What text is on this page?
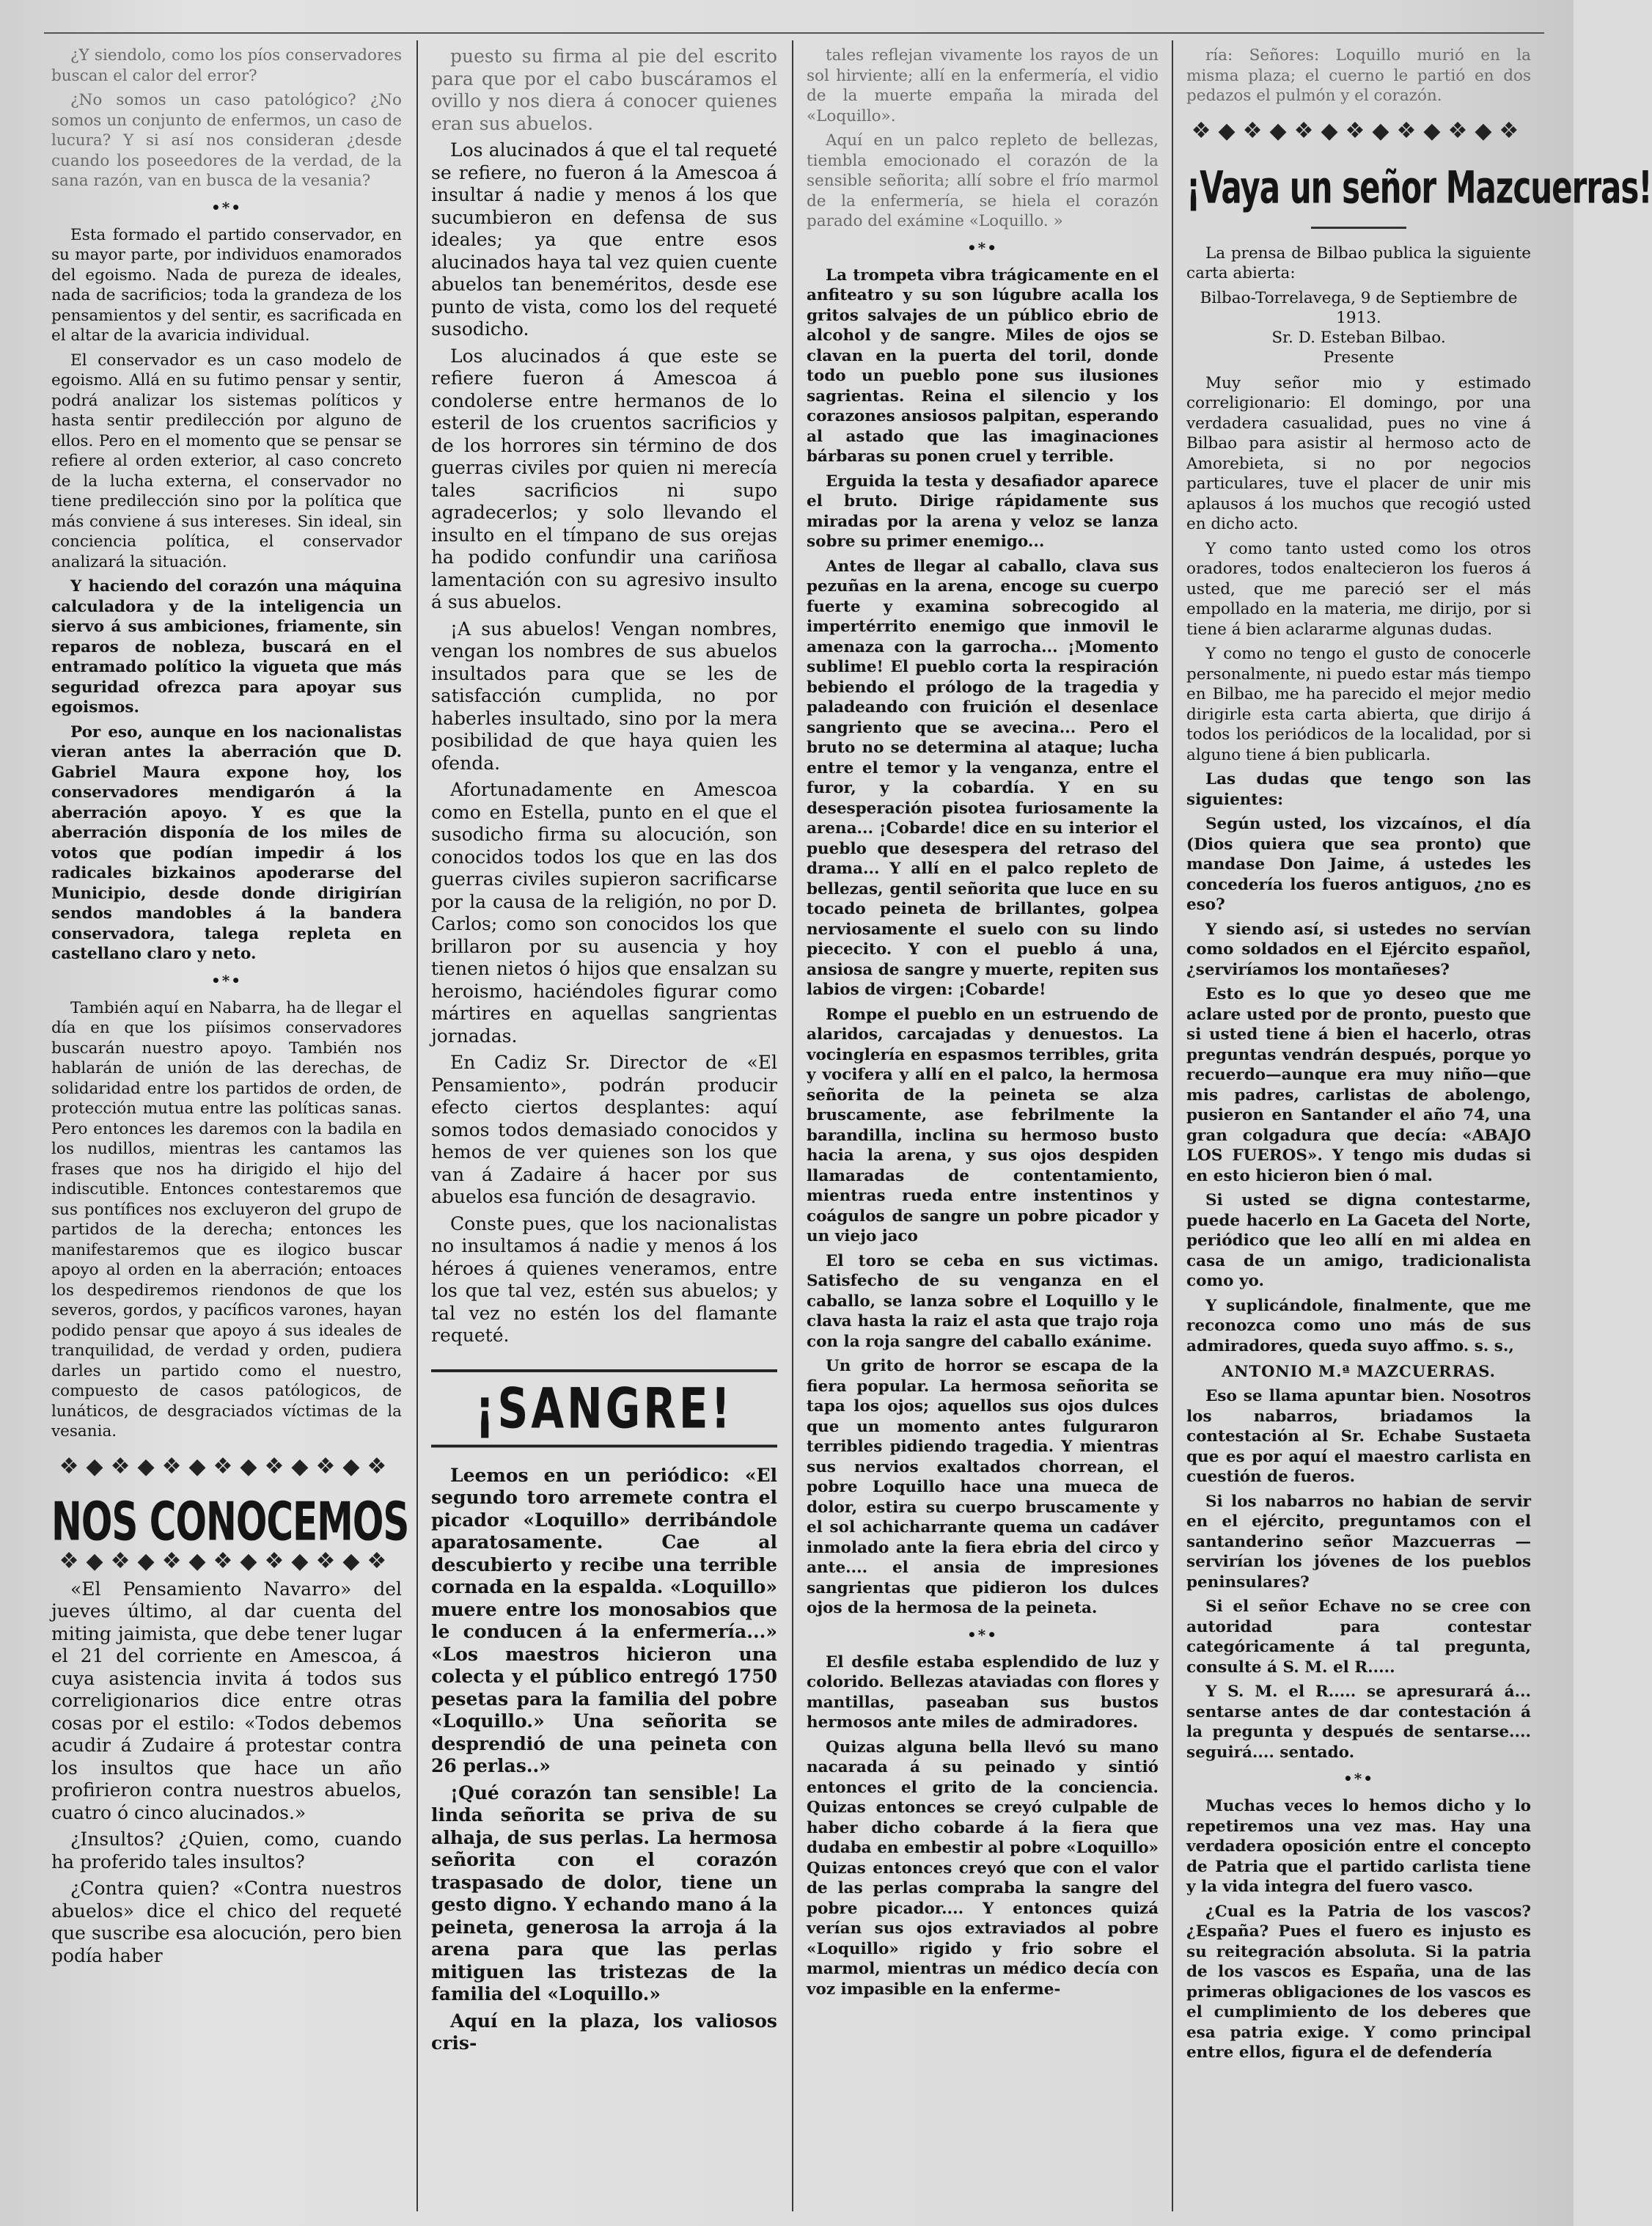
¿Y siendolo, como los píos conservadores buscan el calor del error?

¿No somos un caso patológico? ¿No somos un conjunto de enfermos, un caso de lucura? Y si así nos consideran ¿desde cuando los poseedores de la verdad, de la sana razón, van en busca de la vesania?

•*•

Esta formado el partido conservador, en su mayor parte, por individuos enamorados del egoismo. Nada de pureza de ideales, nada de sacrificios; toda la grandeza de los pensamientos y del sentir, es sacrificada en el altar de la avaricia individual.

El conservador es un caso modelo de egoismo. Allá en su futimo pensar y sentir, podrá analizar los sistemas políticos y hasta sentir predilección por alguno de ellos. Pero en el momento que se pensar se refiere al orden exterior, al caso concreto de la lucha externa, el conservador no tiene predilección sino por la política que más conviene á sus intereses. Sin ideal, sin conciencia política, el conservador analizará la situación.

Y haciendo del corazón una máquina calculadora y de la inteligencia un siervo á sus ambiciones, friamente, sin reparos de nobleza, buscará en el entramado político la vigueta que más seguridad ofrezca para apoyar sus egoismos.

Por eso, aunque en los nacionalistas vieran antes la aberración que D. Gabriel Maura expone hoy, los conservadores mendigarón á la aberración apoyo. Y es que la aberración disponía de los miles de votos que podían impedir á los radicales bizkainos apoderarse del Municipio, desde donde dirigirían sendos mandobles á la bandera conservadora, talega repleta en castellano claro y neto.

•*•

También aquí en Nabarra, ha de llegar el día en que los piísimos conservadores buscarán nuestro apoyo. También nos hablarán de unión de las derechas, de solidaridad entre los partidos de orden, de protección mutua entre las políticas sanas. Pero entonces les daremos con la badila en los nudillos, mientras les cantamos las frases que nos ha dirigido el hijo del indiscutible. Entonces contestaremos que sus pontífices nos excluyeron del grupo de partidos de la derecha; entonces les manifestaremos que es ilogico buscar apoyo al orden en la aberración; entoaces los despediremos riendonos de que los severos, gordos, y pacíficos varones, hayan podido pensar que apoyo á sus ideales de tranquilidad, de verdad y orden, pudiera darles un partido como el nuestro, compuesto de casos patólogicos, de lunáticos, de desgraciados víctimas de la vesania.

❖◆❖◆❖◆❖◆❖◆❖◆❖
NOS CONOCEMOS
❖◆❖◆❖◆❖◆❖◆❖◆❖

«El Pensamiento Navarro» del jueves último, al dar cuenta del miting jaimista, que debe tener lugar el 21 del corriente en Amescoa, á cuya asistencia invita á todos sus correligionarios dice entre otras cosas por el estilo: «Todos debemos acudir á Zudaire á protestar contra los insultos que hace un año profirieron contra nuestros abuelos, cuatro ó cinco alucinados.»

¿Insultos? ¿Quien, como, cuando ha proferido tales insultos?

¿Contra quien? «Contra nuestros abuelos» dice el chico del requeté que suscribe esa alocución, pero bien podía haber

puesto su firma al pie del escrito para que por el cabo buscáramos el ovillo y nos diera á conocer quienes eran sus abuelos.

Los alucinados á que el tal requeté se refiere, no fueron á la Amescoa á insultar á nadie y menos á los que sucumbieron en defensa de sus ideales; ya que entre esos alucinados haya tal vez quien cuente abuelos tan beneméritos, desde ese punto de vista, como los del requeté susodicho.

Los alucinados á que este se refiere fueron á Amescoa á condolerse entre hermanos de lo esteril de los cruentos sacrificios y de los horrores sin término de dos guerras civiles por quien ni merecía tales sacrificios ni supo agradecerlos; y solo llevando el insulto en el tímpano de sus orejas ha podido confundir una cariñosa lamentación con su agresivo insulto á sus abuelos.

¡A sus abuelos! Vengan nombres, vengan los nombres de sus abuelos insultados para que se les de satisfacción cumplida, no por haberles insultado, sino por la mera posibilidad de que haya quien les ofenda.

Afortunadamente en Amescoa como en Estella, punto en el que el susodicho firma su alocución, son conocidos todos los que en las dos guerras civiles supieron sacrificarse por la causa de la religión, no por D. Carlos; como son conocidos los que brillaron por su ausencia y hoy tienen nietos ó hijos que ensalzan su heroismo, haciéndoles figurar como mártires en aquellas sangrientas jornadas.

En Cadiz Sr. Director de «El Pensamiento», podrán producir efecto ciertos desplantes: aquí somos todos demasiado conocidos y hemos de ver quienes son los que van á Zadaire á hacer por sus abuelos esa función de desagravio.

Conste pues, que los nacionalistas no insultamos á nadie y menos á los héroes á quienes veneramos, entre los que tal vez, estén sus abuelos; y tal vez no estén los del flamante requeté.

¡SANGRE!

Leemos en un periódico: «El segundo toro arremete contra el picador «Loquillo» derribándole aparatosamente. Cae al descubierto y recibe una terrible cornada en la espalda. «Loquillo» muere entre los monosabios que le conducen á la enfermería...» «Los maestros hicieron una colecta y el público entregó 1750 pesetas para la familia del pobre «Loquillo.» Una señorita se desprendió de una peineta con 26 perlas..»

¡Qué corazón tan sensible! La linda señorita se priva de su alhaja, de sus perlas. La hermosa señorita con el corazón traspasado de dolor, tiene un gesto digno. Y echando mano á la peineta, generosa la arroja á la arena para que las perlas mitiguen las tristezas de la familia del «Loquillo.»

Aquí en la plaza, los valiosos cris-

tales reflejan vivamente los rayos de un sol hirviente; allí en la enfermería, el vidio de la muerte empaña la mirada del «Loquillo».

Aquí en un palco repleto de bellezas, tiembla emocionado el corazón de la sensible señorita; allí sobre el frío marmol de la enfermería, se hiela el corazón parado del exámine «Loquillo. »

•*•

La trompeta vibra trágicamente en el anfiteatro y su son lúgubre acalla los gritos salvajes de un público ebrio de alcohol y de sangre. Miles de ojos se clavan en la puerta del toril, donde todo un pueblo pone sus ilusiones sagrientas. Reina el silencio y los corazones ansiosos palpitan, esperando al astado que las imaginaciones bárbaras su ponen cruel y terrible.

Erguida la testa y desafiador aparece el bruto. Dirige rápidamente sus miradas por la arena y veloz se lanza sobre su primer enemigo...

Antes de llegar al caballo, clava sus pezuñas en la arena, encoge su cuerpo fuerte y examina sobrecogido al impertérrito enemigo que inmovil le amenaza con la garrocha... ¡Momento sublime! El pueblo corta la respiración bebiendo el prólogo de la tragedia y paladeando con fruición el desenlace sangriento que se avecina... Pero el bruto no se determina al ataque; lucha entre el temor y la venganza, entre el furor, y la cobardía. Y en su desesperación pisotea furiosamente la arena... ¡Cobarde! dice en su interior el pueblo que desespera del retraso del drama... Y allí en el palco repleto de bellezas, gentil señorita que luce en su tocado peineta de brillantes, golpea nerviosamente el suelo con su lindo piececito. Y con el pueblo á una, ansiosa de sangre y muerte, repiten sus labios de virgen: ¡Cobarde!

Rompe el pueblo en un estruendo de alaridos, carcajadas y denuestos. La vocinglería en espasmos terribles, grita y vocifera y allí en el palco, la hermosa señorita de la peineta se alza bruscamente, ase febrilmente la barandilla, inclina su hermoso busto hacia la arena, y sus ojos despiden llamaradas de contentamiento, mientras rueda entre instentinos y coágulos de sangre un pobre picador y un viejo jaco

El toro se ceba en sus victimas. Satisfecho de su venganza en el caballo, se lanza sobre el Loquillo y le clava hasta la raiz el asta que trajo roja con la roja sangre del caballo exánime.

Un grito de horror se escapa de la fiera popular. La hermosa señorita se tapa los ojos; aquellos sus ojos dulces que un momento antes fulguraron terribles pidiendo tragedia. Y mientras sus nervios exaltados chorrean, el pobre Loquillo hace una mueca de dolor, estira su cuerpo bruscamente y el sol achicharrante quema un cadáver inmolado ante la fiera ebria del circo y ante.... el ansia de impresiones sangrientas que pidieron los dulces ojos de la hermosa de la peineta.

•*•

El desfile estaba esplendido de luz y colorido. Bellezas ataviadas con flores y mantillas, paseaban sus bustos hermosos ante miles de admiradores.

Quizas alguna bella llevó su mano nacarada á su peinado y sintió entonces el grito de la conciencia. Quizas entonces se creyó culpable de haber dicho cobarde á la fiera que dudaba en embestir al pobre «Loquillo» Quizas entonces creyó que con el valor de las perlas compraba la sangre del pobre picador.... Y entonces quizá verían sus ojos extraviados al pobre «Loquillo» rigido y frio sobre el marmol, mientras un médico decía con voz impasible en la enferme-

ría: Señores: Loquillo murió en la misma plaza; el cuerno le partió en dos pedazos el pulmón y el corazón.

❖◆❖◆❖◆❖◆❖◆❖◆❖
¡Vaya un señor Mazcuerras!

La prensa de Bilbao publica la siguiente carta abierta:

Bilbao-Torrelavega, 9 de Septiembre de 1913.
Sr. D. Esteban Bilbao.
Presente

Muy señor mio y estimado correligionario: El domingo, por una verdadera casualidad, pues no vine á Bilbao para asistir al hermoso acto de Amorebieta, si no por negocios particulares, tuve el placer de unir mis aplausos á los muchos que recogió usted en dicho acto.

Y como tanto usted como los otros oradores, todos enaltecieron los fueros á usted, que me pareció ser el más empollado en la materia, me dirijo, por si tiene á bien aclararme algunas dudas.

Y como no tengo el gusto de conocerle personalmente, ni puedo estar más tiempo en Bilbao, me ha parecido el mejor medio dirigirle esta carta abierta, que dirijo á todos los periódicos de la localidad, por si alguno tiene á bien publicarla.

Las dudas que tengo son las siguientes:

Según usted, los vizcaínos, el día (Dios quiera que sea pronto) que mandase Don Jaime, á ustedes les concedería los fueros antiguos, ¿no es eso?

Y siendo así, si ustedes no servían como soldados en el Ejército español, ¿serviríamos los montañeses?

Esto es lo que yo deseo que me aclare usted por de pronto, puesto que si usted tiene á bien el hacerlo, otras preguntas vendrán después, porque yo recuerdo—aunque era muy niño—que mis padres, carlistas de abolengo, pusieron en Santander el año 74, una gran colgadura que decía: «ABAJO LOS FUEROS». Y tengo mis dudas si en esto hicieron bien ó mal.

Si usted se digna contestarme, puede hacerlo en La Gaceta del Norte, periódico que leo allí en mi aldea en casa de un amigo, tradicionalista como yo.

Y suplicándole, finalmente, que me reconozca como uno más de sus admiradores, queda suyo affmo. s. s.,

ANTONIO M.ª MAZCUERRAS.

Eso se llama apuntar bien. Nosotros los nabarros, briadamos la contestación al Sr. Echabe Sustaeta que es por aquí el maestro carlista en cuestión de fueros.

Si los nabarros no habian de servir en el ejército, preguntamos con el santanderino señor Mazcuerras —servirían los jóvenes de los pueblos peninsulares?

Si el señor Echave no se cree con autoridad para contestar categóricamente á tal pregunta, consulte á S. M. el R.....

Y S. M. el R..... se apresurará á... sentarse antes de dar contestación á la pregunta y después de sentarse.... seguirá.... sentado.

•*•

Muchas veces lo hemos dicho y lo repetiremos una vez mas. Hay una verdadera oposición entre el concepto de Patria que el partido carlista tiene y la vida integra del fuero vasco.

¿Cual es la Patria de los vascos? ¿España? Pues el fuero es injusto es su reitegración absoluta. Si la patria de los vascos es España, una de las primeras obligaciones de los vascos es el cumplimiento de los deberes que esa patria exige. Y como principal entre ellos, figura el de defendería
